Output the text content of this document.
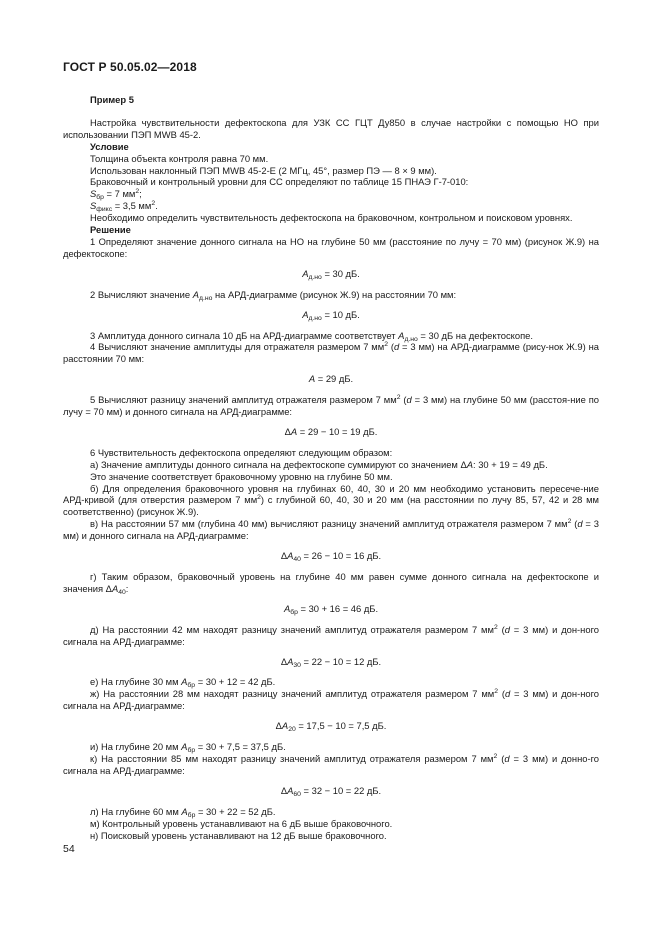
ГОСТ Р 50.05.02—2018

Пример 5

Настройка чувствительности дефектоскопа для УЗК СС ГЦТ Ду850 в случае настройки с помощью НО при использовании ПЭП MWB 45-2.

Условие

Толщина объекта контроля равна 70 мм.

Использован наклонный ПЭП MWB 45-2-Е (2 МГц, 45°, размер ПЭ — 8 × 9 мм).

Браковочный и контрольный уровни для СС определяют по таблице 15 ПНАЭ Г-7-010:

$S_{бр} = 7$ $мм^2$;

$S_{фикс} = 3,5$ $мм^2$.

Необходимо определить чувствительность дефектоскопа на браковочном, контрольном и поисковом уровнях.

Решение

1 Определяют значение донного сигнала на НО на глубине 50 мм (расстояние по лучу = 70 мм) (рисунок Ж.9) на дефектоскопе:

$A_{д.но} = 30$ дБ.

2 Вычисляют значение $A_{д.но}$ на АРД-диаграмме (рисунок Ж.9) на расстоянии 70 мм:

$A_{д.но} = 10$ дБ.

3 Амплитуда донного сигнала 10 дБ на АРД-диаграмме соответствует $A_{д.но} = 30$ дБ на дефектоскопе.

4 Вычисляют значение амплитуды для отражателя размером 7 $мм^2$ (d = 3 мм) на АРД-диаграмме (рису-нок Ж.9) на расстоянии 70 мм:

A = 29 дБ.

5 Вычисляют разницу значений амплитуд отражателя размером 7 $мм^2$ (d = 3 мм) на глубине 50 мм (расстоя-ние по лучу = 70 мм) и донного сигнала на АРД-диаграмме:

ΔA = 29 − 10 = 19 дБ.

6 Чувствительность дефектоскопа определяют следующим образом:

а) Значение амплитуды донного сигнала на дефектоскопе суммируют со значением ΔA: 30 + 19 = 49 дБ.

Это значение соответствует браковочному уровню на глубине 50 мм.

б) Для определения браковочного уровня на глубинах 60, 40, 30 и 20 мм необходимо установить пересече-ние АРД-кривой (для отверстия размером 7 $мм^2$) с глубиной 60, 40, 30 и 20 мм (на расстоянии по лучу 85, 57, 42 и 28 мм соответственно) (рисунок Ж.9).

в) На расстоянии 57 мм (глубина 40 мм) вычисляют разницу значений амплитуд отражателя размером 7 $мм^2$ (d = 3 мм) и донного сигнала на АРД-диаграмме:

$\Delta A_{40} = 26 - 10 = 16$ дБ.

г) Таким образом, браковочный уровень на глубине 40 мм равен сумме донного сигнала на дефектоскопе и значения $\Delta A_{40}$:

$A_{бр} = 30 + 16 = 46$ дБ.

д) На расстоянии 42 мм находят разницу значений амплитуд отражателя размером 7 $мм^2$ (d = 3 мм) и дон-ного сигнала на АРД-диаграмме:

$\Delta A_{30} = 22 - 10 = 12$ дБ.

е) На глубине 30 мм $A_{бр} = 30 + 12 = 42$ дБ.

ж) На расстоянии 28 мм находят разницу значений амплитуд отражателя размером 7 $мм^2$ (d = 3 мм) и дон-ного сигнала на АРД-диаграмме:

$\Delta A_{20} = 17,5 - 10 = 7,5$ дБ.

и) На глубине 20 мм $A_{бр} = 30 + 7,5 = 37,5$ дБ.

к) На расстоянии 85 мм находят разницу значений амплитуд отражателя размером 7 $мм^2$ (d = 3 мм) и донно-го сигнала на АРД-диаграмме:

$\Delta A_{60} = 32 - 10 = 22$ дБ.

л) На глубине 60 мм $A_{бр} = 30 + 22 = 52$ дБ.

м) Контрольный уровень устанавливают на 6 дБ выше браковочного.

н) Поисковый уровень устанавливают на 12 дБ выше браковочного.

54
